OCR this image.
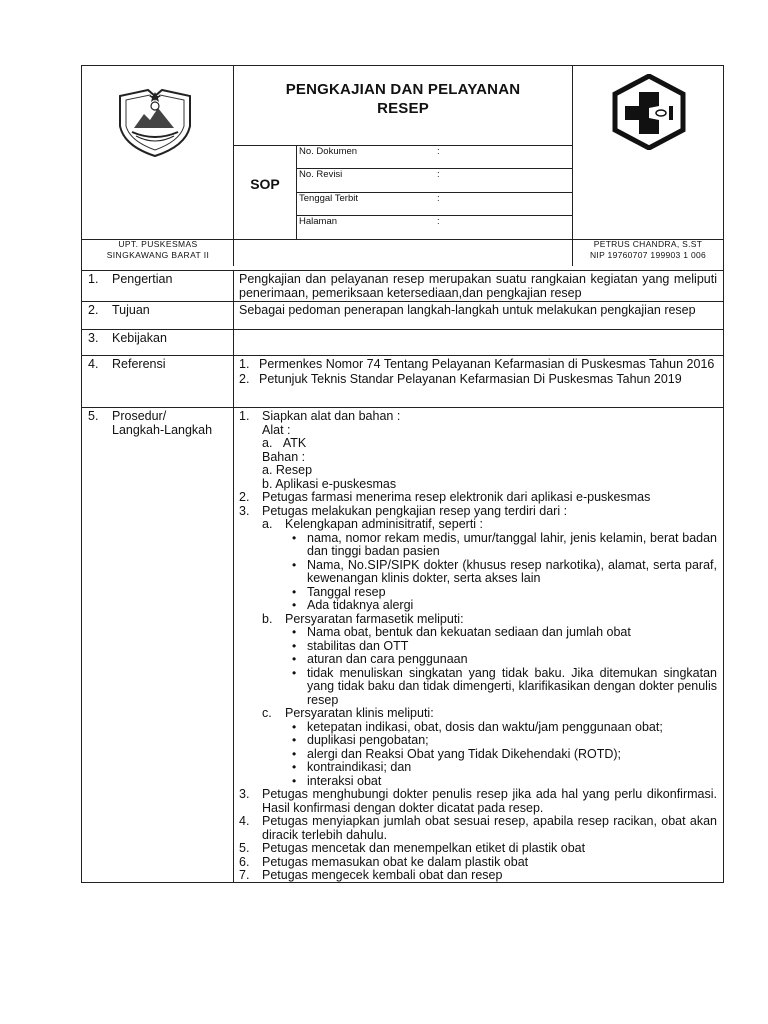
PENGKAJIAN DAN PELAYANAN
RESEP
SOP
No. Dokumen	:
No. Revisi	:
Tenggal Terbit	:
Halaman	:
UPT. PUSKESMAS
SINGKAWANG BARAT II
PETRUS CHANDRA, S.ST
NIP 19760707 199903 1 006
1. Pengertian	Pengkajian dan pelayanan resep merupakan suatu rangkaian kegiatan yang meliputi penerimaan, pemeriksaan ketersediaan,dan pengkajian resep
2. Tujuan	Sebagai pedoman penerapan langkah-langkah untuk melakukan pengkajian resep
3. Kebijakan
4. Referensi	1. Permenkes Nomor 74 Tentang Pelayanan Kefarmasian di Puskesmas Tahun 2016
2. Petunjuk Teknis Standar Pelayanan Kefarmasian Di Puskesmas Tahun 2019
5. Prosedur/
Langkah-Langkah
1. Siapkan alat dan bahan :
Alat :
a. ATK
Bahan :
a. Resep
b. Aplikasi e-puskesmas
2. Petugas farmasi menerima resep elektronik dari aplikasi e-puskesmas
3. Petugas melakukan pengkajian resep yang terdiri dari :
a. Kelengkapan adminisitratif, seperti :
• nama, nomor rekam medis, umur/tanggal lahir, jenis kelamin, berat badan dan tinggi badan pasien
• Nama, No.SIP/SIPK dokter (khusus resep narkotika), alamat, serta paraf, kewenangan klinis dokter, serta akses lain
• Tanggal resep
• Ada tidaknya alergi
b. Persyaratan farmasetik meliputi:
• Nama obat, bentuk dan kekuatan sediaan dan jumlah obat
• stabilitas dan OTT
• aturan dan cara penggunaan
• tidak menuliskan singkatan yang tidak baku. Jika ditemukan singkatan yang tidak baku dan tidak dimengerti, klarifikasikan dengan dokter penulis resep
c. Persyaratan klinis meliputi:
• ketepatan indikasi, obat, dosis dan waktu/jam penggunaan obat;
• duplikasi pengobatan;
• alergi dan Reaksi Obat yang Tidak Dikehendaki (ROTD);
• kontraindikasi; dan
• interaksi obat
3. Petugas menghubungi dokter penulis resep jika ada hal yang perlu dikonfirmasi. Hasil konfirmasi dengan dokter dicatat pada resep.
4. Petugas menyiapkan jumlah obat sesuai resep, apabila resep racikan, obat akan diracik terlebih dahulu.
5. Petugas mencetak dan menempelkan etiket di plastik obat
6. Petugas memasukan obat ke dalam plastik obat
7. Petugas mengecek kembali obat dan resep
